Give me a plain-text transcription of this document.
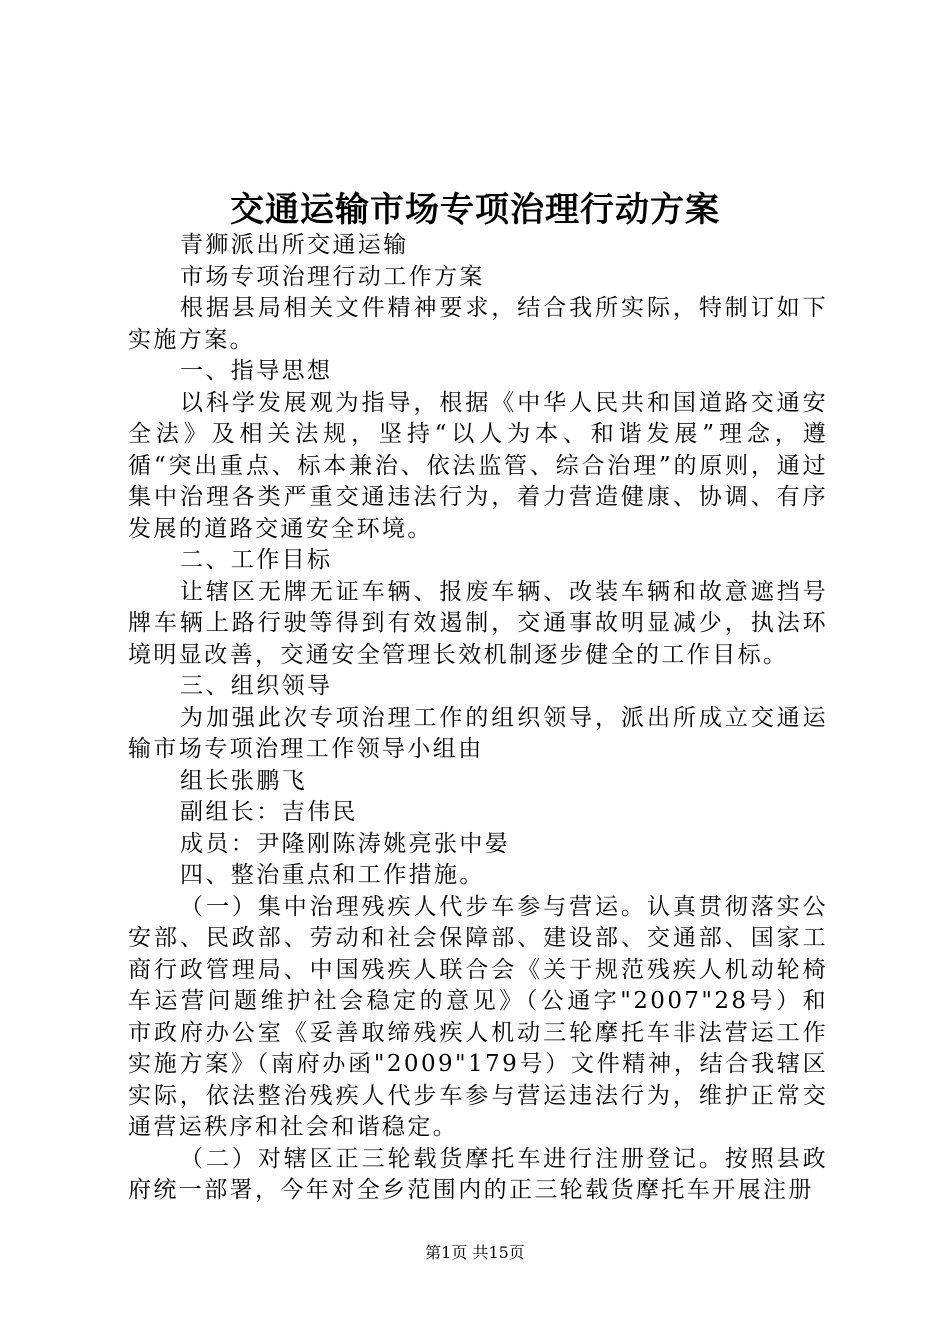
交通运输市场专项治理行动方案

青狮派出所交通运输

市场专项治理行动工作方案

根据县局相关文件精神要求，结合我所实际，特制订如下实施方案。

一、指导思想

以科学发展观为指导，根据《中华人民共和国道路交通安全法》及相关法规，坚持“以人为本、和谐发展”理念，遵循“突出重点、标本兼治、依法监管、综合治理”的原则，通过集中治理各类严重交通违法行为，着力营造健康、协调、有序发展的道路交通安全环境。

二、工作目标

让辖区无牌无证车辆、报废车辆、改装车辆和故意遮挡号牌车辆上路行驶等得到有效遏制，交通事故明显减少，执法环境明显改善，交通安全管理长效机制逐步健全的工作目标。

三、组织领导

为加强此次专项治理工作的组织领导，派出所成立交通运输市场专项治理工作领导小组由

组长张鹏飞

副组长：吉伟民

成员：尹隆刚陈涛姚亮张中晏

四、整治重点和工作措施。

（一）集中治理残疾人代步车参与营运。认真贯彻落实公安部、民政部、劳动和社会保障部、建设部、交通部、国家工商行政管理局、中国残疾人联合会《关于规范残疾人机动轮椅车运营问题维护社会稳定的意见》（公通字"2007"28号）和市政府办公室《妥善取缔残疾人机动三轮摩托车非法营运工作实施方案》（南府办函"2009"179号）文件精神，结合我辖区实际，依法整治残疾人代步车参与营运违法行为，维护正常交通营运秩序和社会和谐稳定。

（二）对辖区正三轮载货摩托车进行注册登记。按照县政府统一部署，今年对全乡范围内的正三轮载货摩托车开展注册

第1页 共15页
